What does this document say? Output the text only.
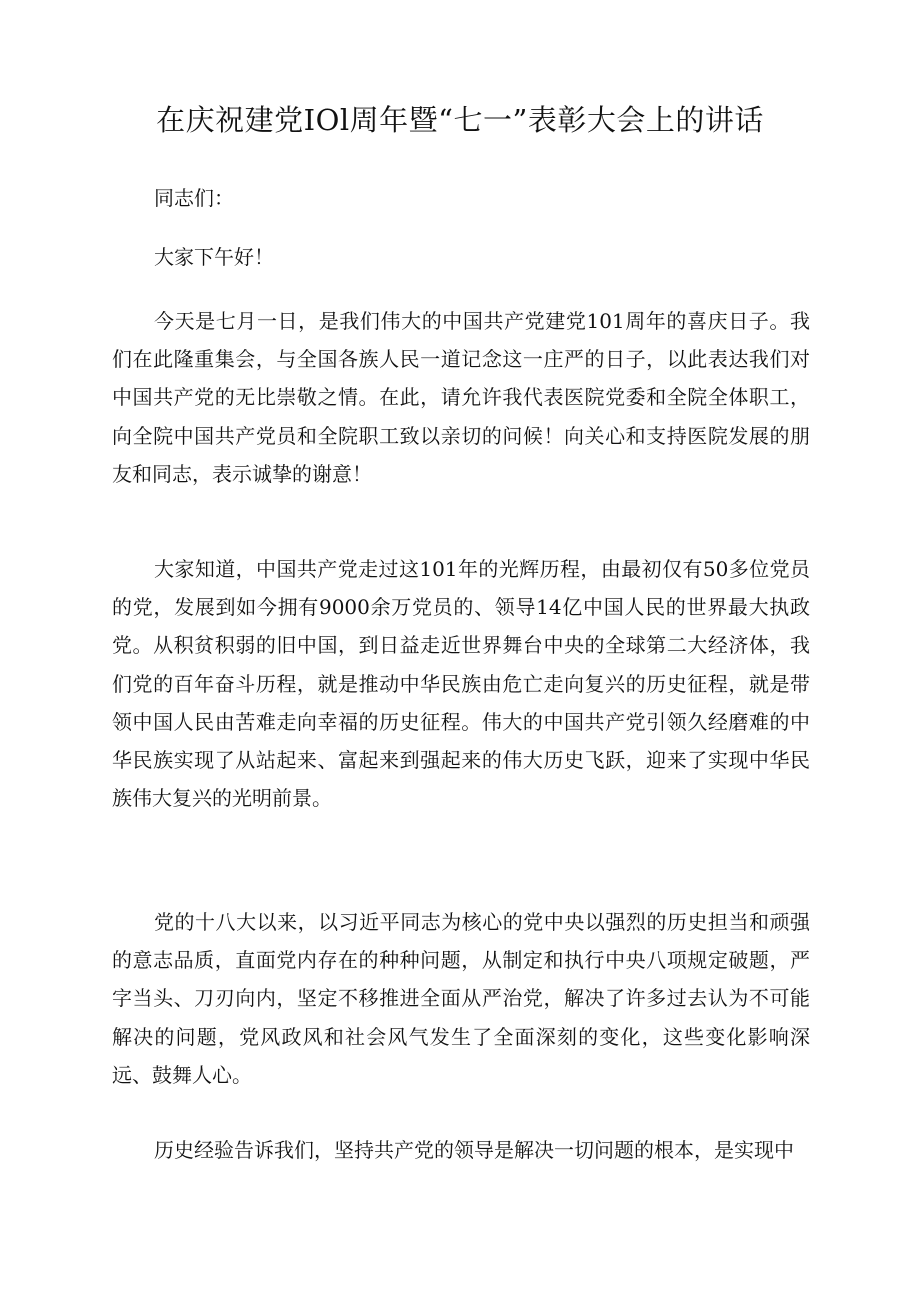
在庆祝建党IOl周年暨“七一”表彰大会上的讲话

同志们：

大家下午好！

今天是七月一日，是我们伟大的中国共产党建党101周年的喜庆日子。我们在此隆重集会，与全国各族人民一道记念这一庄严的日子，以此表达我们对中国共产党的无比崇敬之情。在此，请允许我代表医院党委和全院全体职工，向全院中国共产党员和全院职工致以亲切的问候！向关心和支持医院发展的朋友和同志，表示诚挚的谢意！

大家知道，中国共产党走过这101年的光辉历程，由最初仅有50多位党员的党，发展到如今拥有9000余万党员的、领导14亿中国人民的世界最大执政党。从积贫积弱的旧中国，到日益走近世界舞台中央的全球第二大经济体，我们党的百年奋斗历程，就是推动中华民族由危亡走向复兴的历史征程，就是带领中国人民由苦难走向幸福的历史征程。伟大的中国共产党引领久经磨难的中华民族实现了从站起来、富起来到强起来的伟大历史飞跃，迎来了实现中华民族伟大复兴的光明前景。

党的十八大以来，以习近平同志为核心的党中央以强烈的历史担当和顽强的意志品质，直面党内存在的种种问题，从制定和执行中央八项规定破题，严字当头、刀刃向内，坚定不移推进全面从严治党，解决了许多过去认为不可能解决的问题，党风政风和社会风气发生了全面深刻的变化，这些变化影响深远、鼓舞人心。

历史经验告诉我们，坚持共产党的领导是解决一切问题的根本，是实现中
